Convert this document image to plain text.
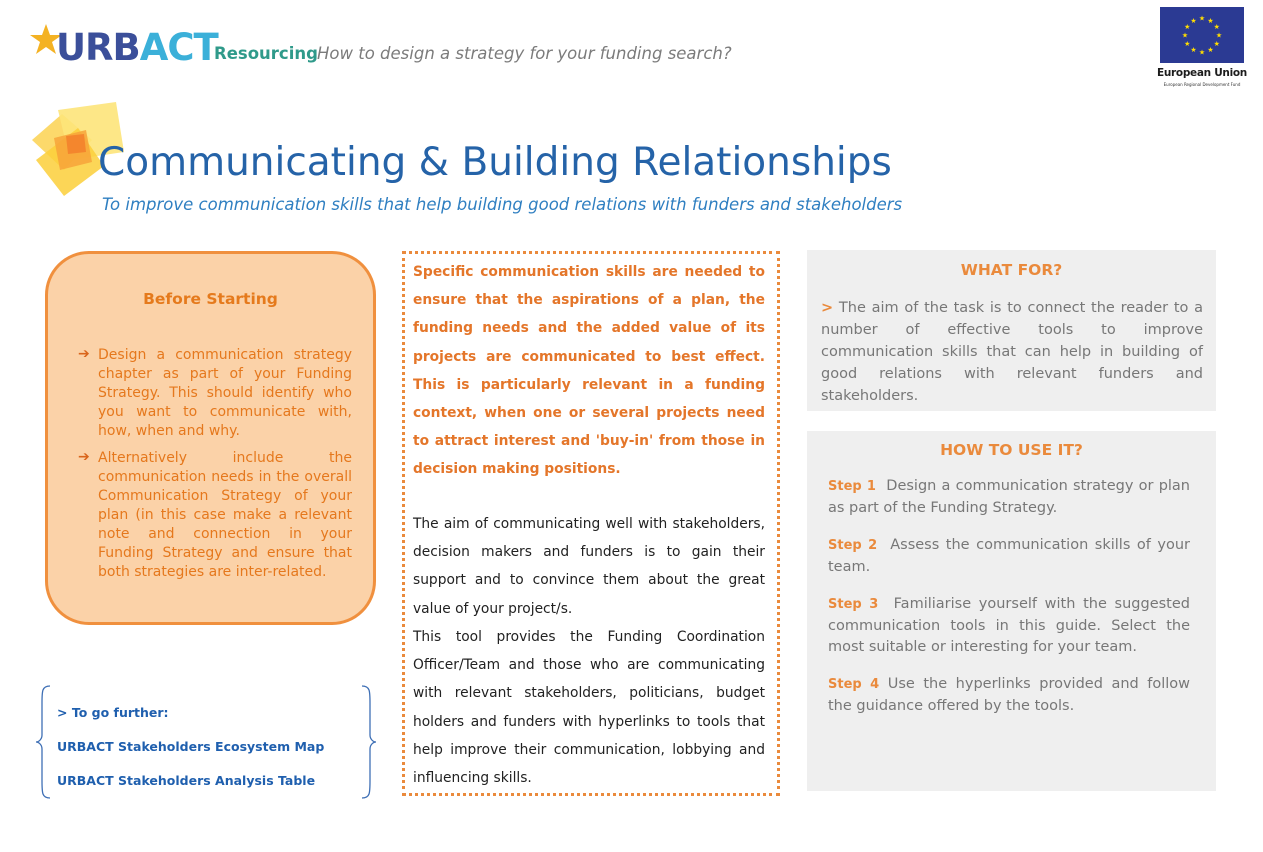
URBACT
Resourcing How to design a strategy for your funding search?
★ ★
★
★
★
★
★
★
★
★
★
★
European Union
European Regional Development Fund
Communicating & Building Relationships
To improve communication skills that help building good relations with funders and stakeholders
Before Starting
➔ Design a communication strategy chapter as part of your Funding Strategy. This should identify who you want to communicate with, how, when and why.
➔ Alternatively include the communication needs in the overall Communication Strategy of your plan (in this case make a relevant note and connection in your Funding Strategy and ensure that both strategies are inter-related.
> To go further:
URBACT Stakeholders Ecosystem Map
URBACT Stakeholders Analysis Table
Specific communication skills are needed to ensure that the aspirations of a plan, the funding needs and the added value of its projects are communicated to best effect. This is particularly relevant in a funding context, when one or several projects need to attract interest and 'buy-in' from those in decision making positions.
The aim of communicating well with stakeholders, decision makers and funders is to gain their support and to convince them about the great value of your project/s.
This tool provides the Funding Coordination Officer/Team and those who are communicating with relevant stakeholders, politicians, budget holders and funders with hyperlinks to tools that help improve their communication, lobbying and influencing skills.
WHAT FOR?
> The aim of the task is to connect the reader to a number of effective tools to improve communication skills that can help in building of good relations with relevant funders and stakeholders.
HOW TO USE IT?
Step 1 Design a communication strategy or plan as part of the Funding Strategy.
Step 2 Assess the communication skills of your team.
Step 3 Familiarise yourself with the suggested communication tools in this guide. Select the most suitable or interesting for your team.
Step 4 Use the hyperlinks provided and follow the guidance offered by the tools.
